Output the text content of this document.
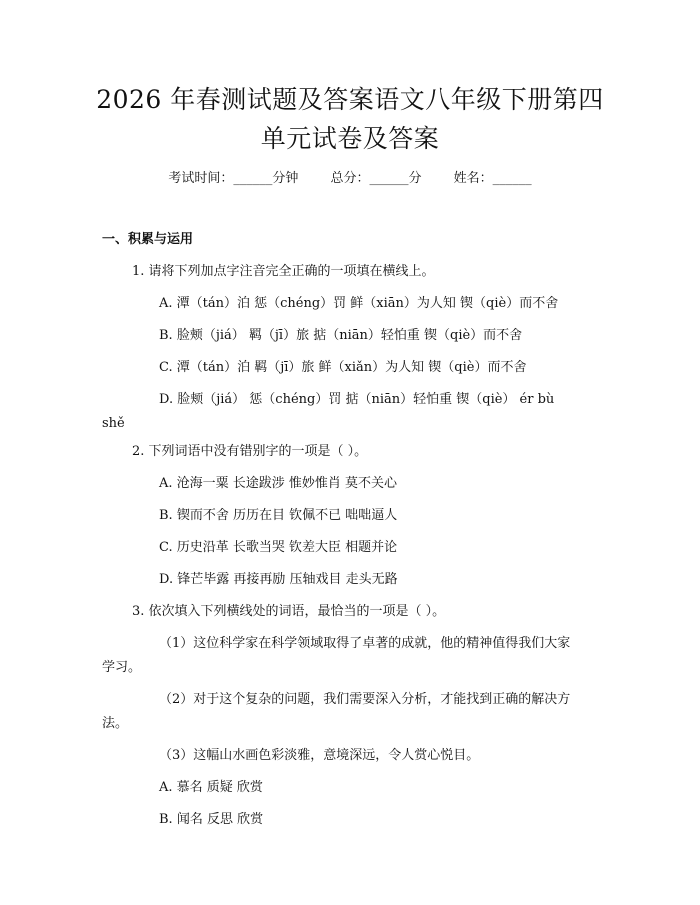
2026 年春测试题及答案语文八年级下册第四
单元试卷及答案
考试时间：______分钟 总分：______分 姓名：______
一、积累与运用
1. 请将下列加点字注音完全正确的一项填在横线上。
A. 潭（tán）泊 惩（chéng）罚 鲜（xiān）为人知 锲（qiè）而不舍
B. 脸颊（jiá） 羁（jī）旅 掂（niān）轻怕重 锲（qiè）而不舍
C. 潭（tán）泊 羁（jī）旅 鲜（xiǎn）为人知 锲（qiè）而不舍
D. 脸颊（jiá） 惩（chéng）罚 掂（niān）轻怕重 锲（qiè） ér bù
shě
2. 下列词语中没有错别字的一项是（ ）。
A. 沧海一粟 长途跋涉 惟妙惟肖 莫不关心
B. 锲而不舍 历历在目 钦佩不已 咄咄逼人
C. 历史沿革 长歌当哭 钦差大臣 相题并论
D. 锋芒毕露 再接再励 压轴戏目 走头无路
3. 依次填入下列横线处的词语，最恰当的一项是（ ）。
（1）这位科学家在科学领域取得了卓著的成就，他的精神值得我们大家
学习。
（2）对于这个复杂的问题，我们需要深入分析，才能找到正确的解决方
法。
（3）这幅山水画色彩淡雅，意境深远，令人赏心悦目。
A. 慕名 质疑 欣赏
B. 闻名 反思 欣赏
